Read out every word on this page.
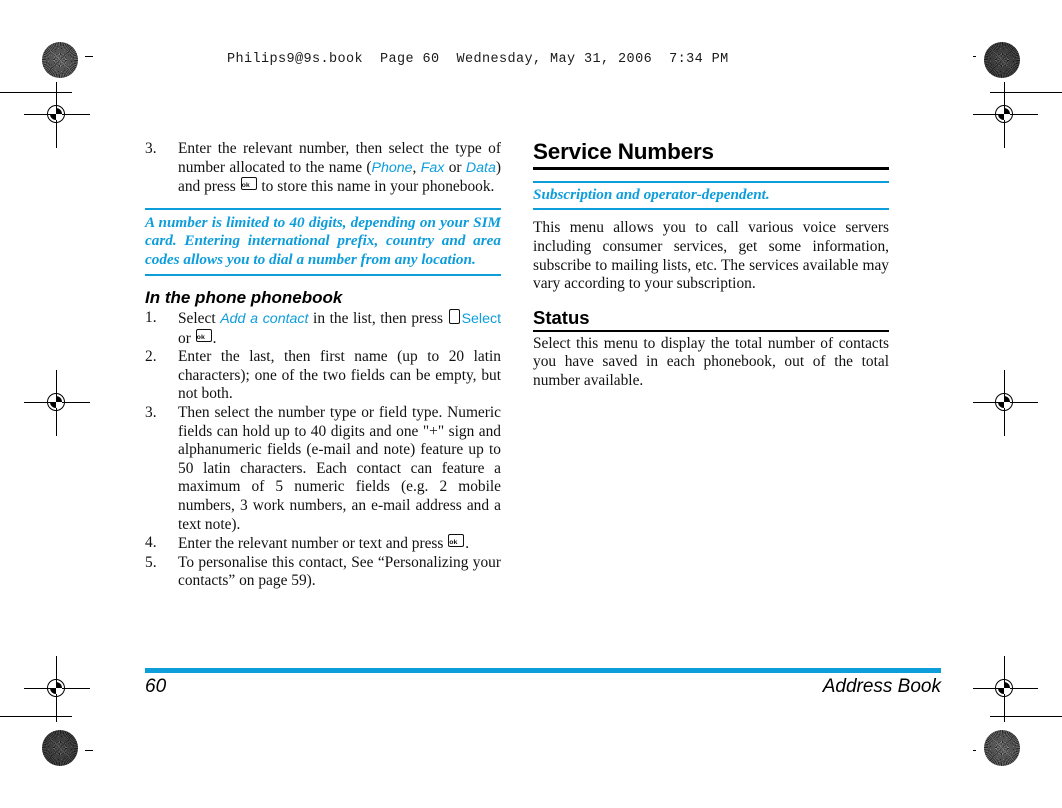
Philips9@9s.book  Page 60  Wednesday, May 31, 2006  7:34 PM
3.	Enter the relevant number, then select the type of number allocated to the name (Phone, Fax or Data) and press ok to store this name in your phonebook.
A number is limited to 40 digits, depending on your SIM card. Entering international prefix, country and area codes allows you to dial a number from any location.
In the phone phonebook
1.	Select Add a contact in the list, then press Select or ok.
2.	Enter the last, then first name (up to 20 latin characters); one of the two fields can be empty, but not both.
3.	Then select the number type or field type. Numeric fields can hold up to 40 digits and one "+" sign and alphanumeric fields (e-mail and note) feature up to 50 latin characters. Each contact can feature a maximum of 5 numeric fields (e.g. 2 mobile numbers, 3 work numbers, an e-mail address and a text note).
4.	Enter the relevant number or text and press ok.
5.	To personalise this contact, See “Personalizing your contacts” on page 59).
Service Numbers
Subscription and operator-dependent.

This menu allows you to call various voice servers including consumer services, get some information, subscribe to mailing lists, etc. The services available may vary according to your subscription.

Status

Select this menu to display the total number of contacts you have saved in each phonebook, out of the total number available.

60	Address Book
